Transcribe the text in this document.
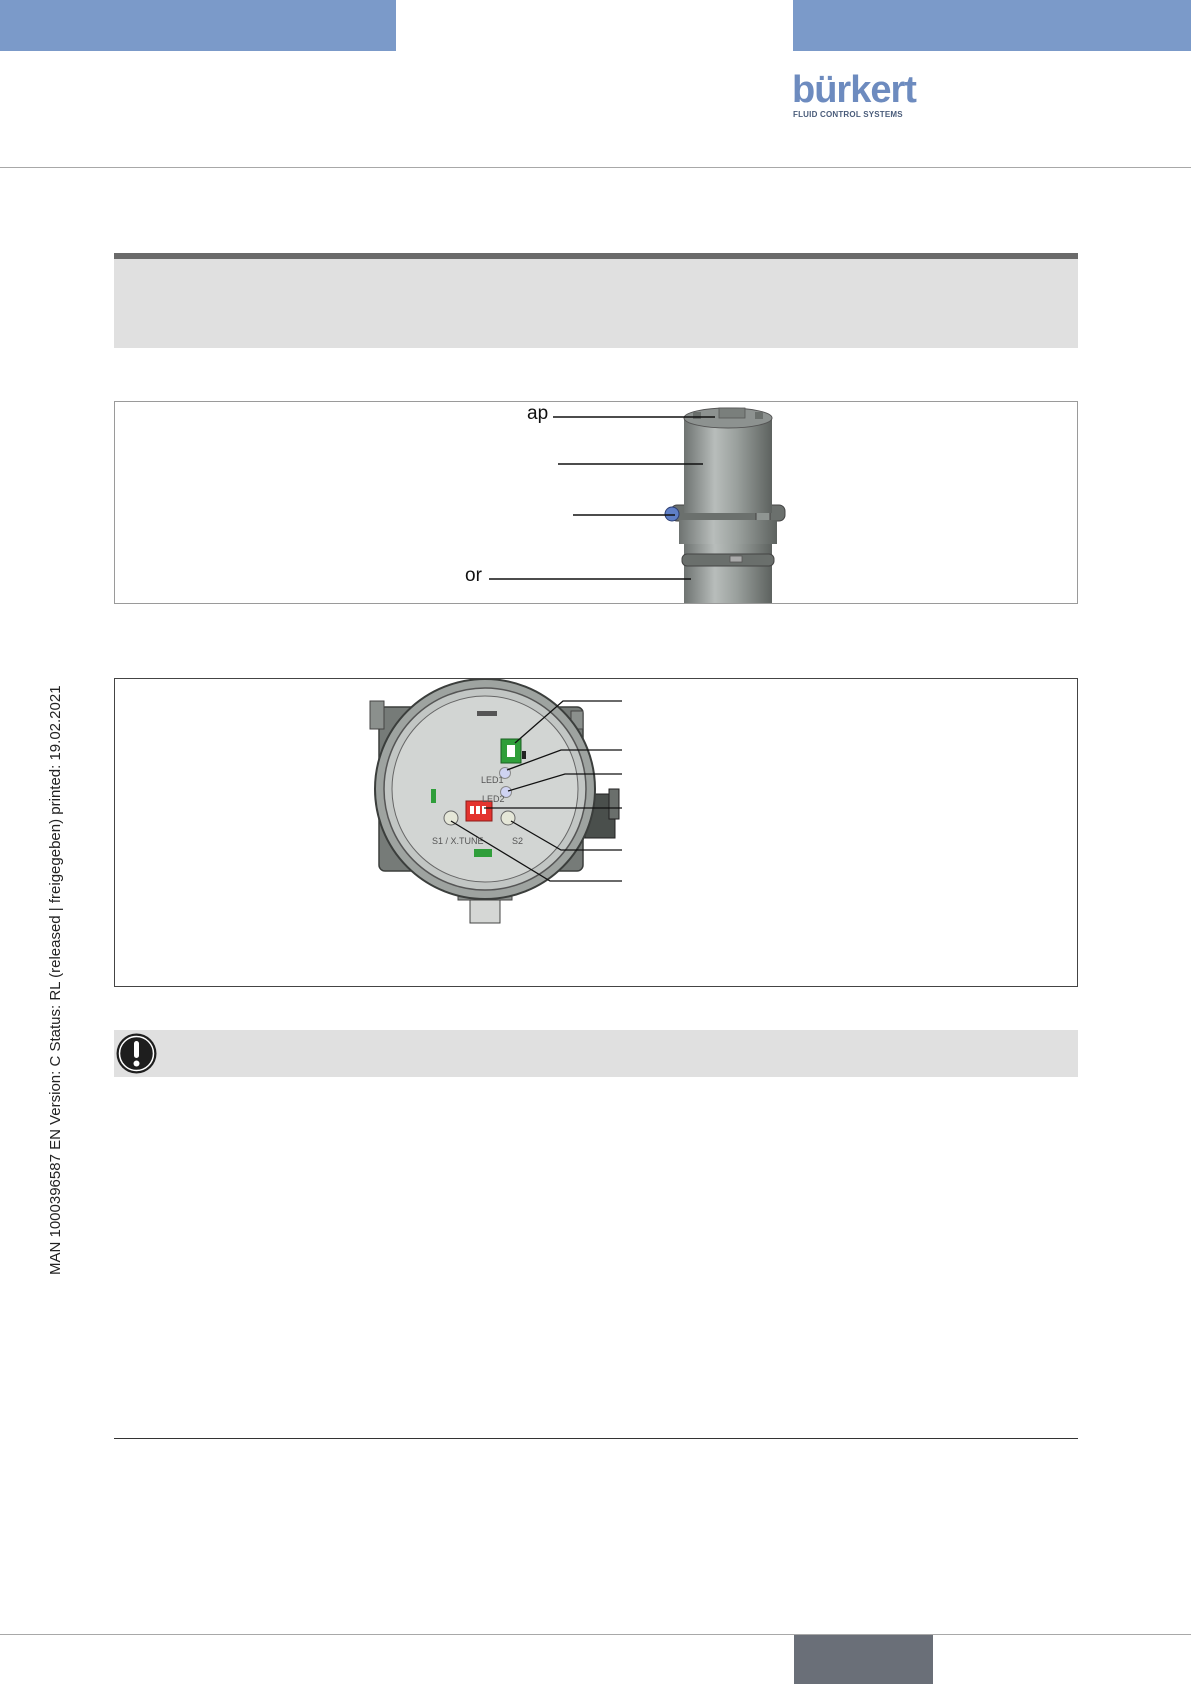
bürkert
FLUID CONTROL SYSTEMS
MAN 1000396587 EN Version: C Status: RL (released | freigegeben) printed: 19.02.2021
ap
or
LED1
LED2
S1 / X.TUNE	S2
